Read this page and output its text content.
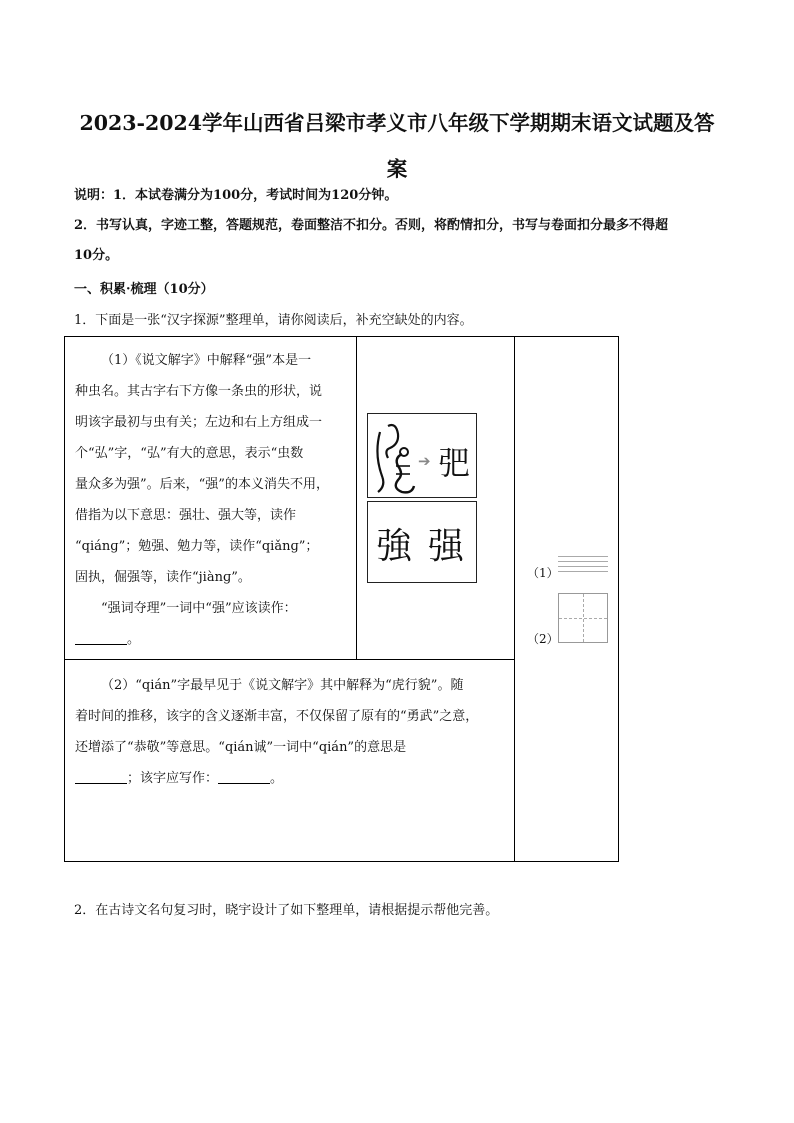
2023-2024学年山西省吕梁市孝义市八年级下学期期末语文试题及答
案
说明：1．本试卷满分为100分，考试时间为120分钟。
2．书写认真，字迹工整，答题规范，卷面整洁不扣分。否则，将酌情扣分，书写与卷面扣分最多不得超
10分。
一、积累·梳理（10分）
1．下面是一张“汉字探源”整理单，请你阅读后，补充空缺处的内容。
（1）《说文解字》中解释“强”本是一
种虫名。其古字右下方像一条虫的形状，说
明该字最初与虫有关；左边和右上方组成一
个“弘”字，“弘”有大的意思，表示“虫数
量众多为强”。后来，“强”的本义消失不用，
借指为以下意思：强壮、强大等，读作
“qiánɡ”；勉强、勉力等，读作“qiǎnɡ”；
固执，倔强等，读作“jiànɡ”。
“强词夺理”一词中“强”应该读作：
。
➔ 弝
強 强
（2）“qián”字最早见于《说文解字》其中解释为“虎行貌”。随
着时间的推移，该字的含义逐渐丰富，不仅保留了原有的“勇武”之意，
还增添了“恭敬”等意思。“qián诚”一词中“qián”的意思是
；该字应写作：	。
（1）
（2）
2．在古诗文名句复习时，晓宇设计了如下整理单，请根据提示帮他完善。
